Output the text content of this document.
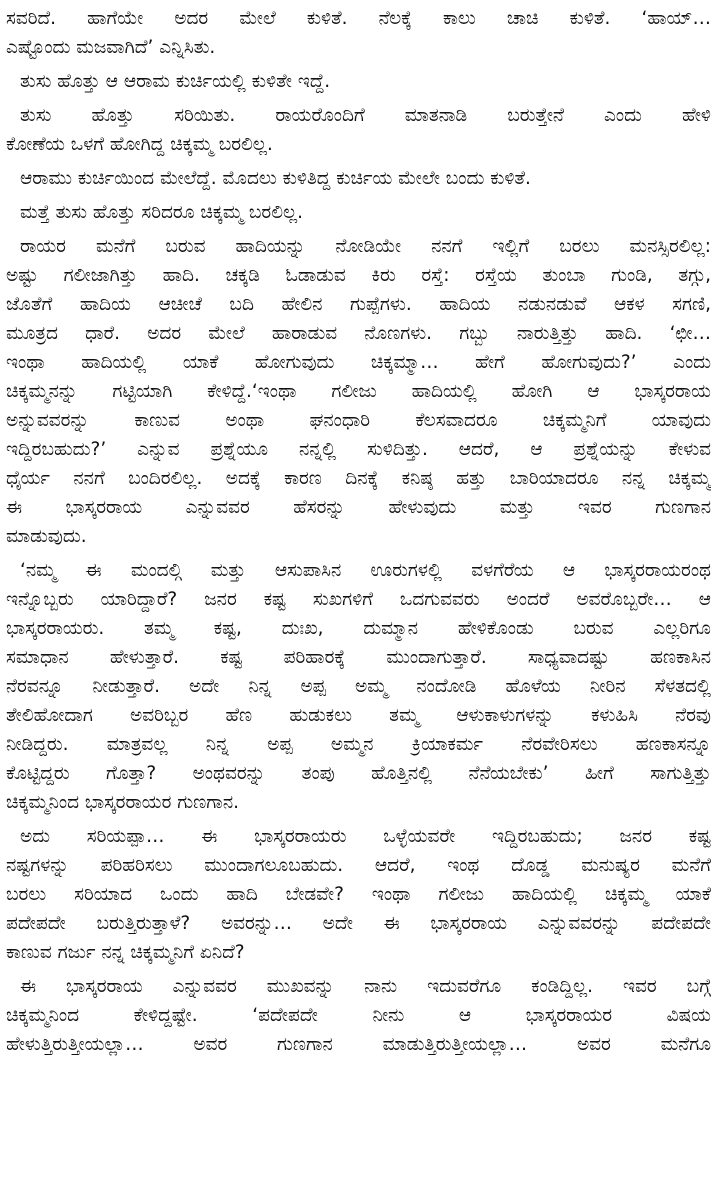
ಸವರಿದೆ. ಹಾಗೆಯೇ ಅದರ ಮೇಲೆ ಕುಳಿತೆ. ನೆಲಕ್ಕೆ ಕಾಲು ಚಾಚಿ ಕುಳಿತೆ. ‘ಹಾಯ್…
ಎಷ್ಟೊಂದು ಮಜವಾಗಿದೆ’ ಎನ್ನಿಸಿತು.
ತುಸು ಹೊತ್ತು ಆ ಆರಾಮ ಕುರ್ಚಿಯಲ್ಲಿ ಕುಳಿತೇ ಇದ್ದೆ.
ತುಸು ಹೊತ್ತು ಸರಿಯಿತು. ರಾಯರೊಂದಿಗೆ ಮಾತನಾಡಿ ಬರುತ್ತೇನೆ ಎಂದು ಹೇಳಿ
ಕೋಣೆಯ ಒಳಗೆ ಹೋಗಿದ್ದ ಚಿಕ್ಕಮ್ಮ ಬರಲಿಲ್ಲ.
ಆರಾಮು ಕುರ್ಚಿಯಿಂದ ಮೇಲೆದ್ದೆ. ಮೊದಲು ಕುಳಿತಿದ್ದ ಕುರ್ಚಿಯ ಮೇಲೇ ಬಂದು ಕುಳಿತೆ.
ಮತ್ತೆ ತುಸು ಹೊತ್ತು ಸರಿದರೂ ಚಿಕ್ಕಮ್ಮ ಬರಲಿಲ್ಲ.
ರಾಯರ ಮನೆಗೆ ಬರುವ ಹಾದಿಯನ್ನು ನೋಡಿಯೇ ನನಗೆ ಇಲ್ಲಿಗೆ ಬರಲು ಮನಸ್ಸಿರಲಿಲ್ಲ:
ಅಷ್ಟು ಗಲೀಜಾಗಿತ್ತು ಹಾದಿ. ಚಕ್ಕಡಿ ಓಡಾಡುವ ಕಿರು ರಸ್ತೆ: ರಸ್ತೆಯ ತುಂಬಾ ಗುಂಡಿ, ತಗ್ಗು,
ಜೊತೆಗೆ ಹಾದಿಯ ಆಚೀಚೆ ಬದಿ ಹೇಲಿನ ಗುಪ್ಪೆಗಳು. ಹಾದಿಯ ನಡುನಡುವೆ ಆಕಳ ಸಗಣಿ,
ಮೂತ್ರದ ಧಾರೆ. ಅದರ ಮೇಲೆ ಹಾರಾಡುವ ನೊಣಗಳು. ಗಬ್ಬು ನಾರುತ್ತಿತ್ತು ಹಾದಿ. ‘ಛೀ…
ಇಂಥಾ ಹಾದಿಯಲ್ಲಿ ಯಾಕೆ ಹೋಗುವುದು ಚಿಕ್ಕಮ್ಮಾ… ಹೇಗೆ ಹೋಗುವುದು?’ ಎಂದು
ಚಿಕ್ಕಮ್ಮನನ್ನು ಗಟ್ಟಿಯಾಗಿ ಕೇಳಿದ್ದೆ.‘ಇಂಥಾ ಗಲೀಜು ಹಾದಿಯಲ್ಲಿ ಹೋಗಿ ಆ ಭಾಸ್ಕರರಾಯ
ಅನ್ನುವವರನ್ನು ಕಾಣುವ ಅಂಥಾ ಘನಂಧಾರಿ ಕೆಲಸವಾದರೂ ಚಿಕ್ಕಮ್ಮನಿಗೆ ಯಾವುದು
ಇದ್ದಿರಬಹುದು?’ ಎನ್ನುವ ಪ್ರಶ್ನೆಯೂ ನನ್ನಲ್ಲಿ ಸುಳಿದಿತ್ತು. ಆದರೆ, ಆ ಪ್ರಶ್ನೆಯನ್ನು ಕೇಳುವ
ಧೈರ್ಯ ನನಗೆ ಬಂದಿರಲಿಲ್ಲ. ಅದಕ್ಕೆ ಕಾರಣ ದಿನಕ್ಕೆ ಕನಿಷ್ಠ ಹತ್ತು ಬಾರಿಯಾದರೂ ನನ್ನ ಚಿಕ್ಕಮ್ಮ
ಈ ಭಾಸ್ಕರರಾಯ ಎನ್ನುವವರ ಹೆಸರನ್ನು ಹೇಳುವುದು ಮತ್ತು ಇವರ ಗುಣಗಾನ
ಮಾಡುವುದು.
‘ನಮ್ಮ ಈ ಮಂದಲ್ಗಿ ಮತ್ತು ಆಸುಪಾಸಿನ ಊರುಗಳಲ್ಲಿ ವಳಗೆರೆಯ ಆ ಭಾಸ್ಕರರಾಯರಂಥ
ಇನ್ನೊಬ್ಬರು ಯಾರಿದ್ದಾರೆ? ಜನರ ಕಷ್ಟ ಸುಖಗಳಿಗೆ ಒದಗುವವರು ಅಂದರೆ ಅವರೊಬ್ಬರೇ… ಆ
ಭಾಸ್ಕರರಾಯರು. ತಮ್ಮ ಕಷ್ಟ, ದುಃಖ, ದುಮ್ಮಾನ ಹೇಳಿಕೊಂಡು ಬರುವ ಎಲ್ಲರಿಗೂ
ಸಮಾಧಾನ ಹೇಳುತ್ತಾರೆ. ಕಷ್ಟ ಪರಿಹಾರಕ್ಕೆ ಮುಂದಾಗುತ್ತಾರೆ. ಸಾಧ್ಯವಾದಷ್ಟು ಹಣಕಾಸಿನ
ನೆರವನ್ನೂ ನೀಡುತ್ತಾರೆ. ಅದೇ ನಿನ್ನ ಅಪ್ಪ ಅಮ್ಮ ನಂದೋಡಿ ಹೊಳೆಯ ನೀರಿನ ಸೆಳತದಲ್ಲಿ
ತೇಲಿಹೋದಾಗ ಅವರಿಬ್ಬರ ಹೆಣ ಹುಡುಕಲು ತಮ್ಮ ಆಳುಕಾಳುಗಳನ್ನು ಕಳುಹಿಸಿ ನೆರವು
ನೀಡಿದ್ದರು. ಮಾತ್ರವಲ್ಲ ನಿನ್ನ ಅಪ್ಪ ಅಮ್ಮನ ಕ್ರಿಯಾಕರ್ಮ ನೆರವೇರಿಸಲು ಹಣಕಾಸನ್ನೂ
ಕೊಟ್ಟಿದ್ದರು ಗೊತ್ತಾ? ಅಂಥವರನ್ನು ತಂಪು ಹೊತ್ತಿನಲ್ಲಿ ನೆನೆಯಬೇಕು’ ಹೀಗೆ ಸಾಗುತ್ತಿತ್ತು
ಚಿಕ್ಕಮ್ಮನಿಂದ ಭಾಸ್ಕರರಾಯರ ಗುಣಗಾನ.
ಅದು ಸರಿಯಪ್ಪಾ… ಈ ಭಾಸ್ಕರರಾಯರು ಒಳ್ಳೆಯವರೇ ಇದ್ದಿರಬಹುದು; ಜನರ ಕಷ್ಟ
ನಷ್ಟಗಳನ್ನು ಪರಿಹರಿಸಲು ಮುಂದಾಗಲೂಬಹುದು. ಆದರೆ, ಇಂಥ ದೊಡ್ಡ ಮನುಷ್ಯರ ಮನೆಗೆ
ಬರಲು ಸರಿಯಾದ ಒಂದು ಹಾದಿ ಬೇಡವೇ? ಇಂಥಾ ಗಲೀಜು ಹಾದಿಯಲ್ಲಿ ಚಿಕ್ಕಮ್ಮ ಯಾಕೆ
ಪದೇಪದೇ ಬರುತ್ತಿರುತ್ತಾಳೆ? ಅವರನ್ನು… ಅದೇ ಈ ಭಾಸ್ಕರರಾಯ ಎನ್ನುವವರನ್ನು ಪದೇಪದೇ
ಕಾಣುವ ಗರ್ಜು ನನ್ನ ಚಿಕ್ಕಮ್ಮನಿಗೆ ಏನಿದೆ?
ಈ ಭಾಸ್ಕರರಾಯ ಎನ್ನುವವರ ಮುಖವನ್ನು ನಾನು ಇದುವರೆಗೂ ಕಂಡಿದ್ದಿಲ್ಲ. ಇವರ ಬಗ್ಗೆ
ಚಿಕ್ಕಮ್ಮನಿಂದ ಕೇಳಿದ್ದಷ್ಟೇ. ‘ಪದೇಪದೇ ನೀನು ಆ ಭಾಸ್ಕರರಾಯರ ವಿಷಯ
ಹೇಳುತ್ತಿರುತ್ತೀಯಲ್ಲಾ… ಅವರ ಗುಣಗಾನ ಮಾಡುತ್ತಿರುತ್ತೀಯಲ್ಲಾ… ಅವರ ಮನೆಗೂ
